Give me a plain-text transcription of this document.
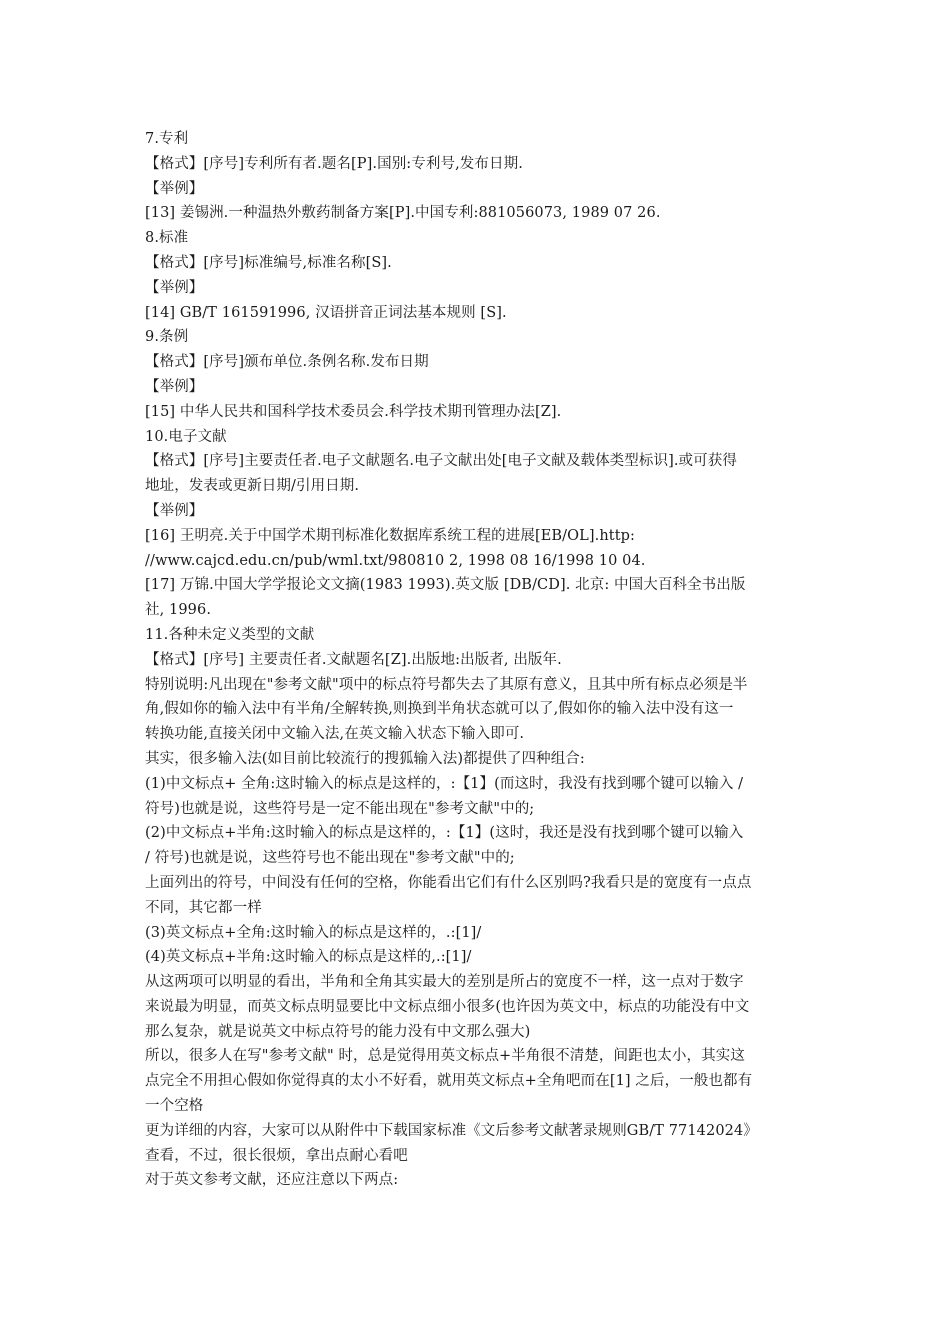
7.专利

【格式】[序号]专利所有者.题名[P].国别:专利号,发布日期.

【举例】

[13] 姜锡洲.一种温热外敷药制备方案[P].中国专利:881056073, 1989 07 26.

8.标准

【格式】[序号]标准编号,标准名称[S].

【举例】

[14] GB/T 161591996, 汉语拼音正词法基本规则 [S].

9.条例

【格式】[序号]颁布单位.条例名称.发布日期

【举例】

[15] 中华人民共和国科学技术委员会.科学技术期刊管理办法[Z].

10.电子文献

【格式】[序号]主要责任者.电子文献题名.电子文献出处[电子文献及载体类型标识].或可获得

地址，发表或更新日期/引用日期.

【举例】

[16] 王明亮.关于中国学术期刊标准化数据库系统工程的进展[EB/OL].http:

//www.cajcd.edu.cn/pub/wml.txt/980810 2, 1998 08 16/1998 10 04.

[17] 万锦.中国大学学报论文文摘(1983 1993).英文版 [DB/CD]. 北京: 中国大百科全书出版

社, 1996.

11.各种未定义类型的文献

【格式】[序号] 主要责任者.文献题名[Z].出版地:出版者, 出版年.

特别说明:凡出现在"参考文献"项中的标点符号都失去了其原有意义，且其中所有标点必须是半

角,假如你的输入法中有半角/全解转换,则换到半角状态就可以了,假如你的输入法中没有这一

转换功能,直接关闭中文输入法,在英文输入状态下输入即可.

其实，很多输入法(如目前比较流行的搜狐输入法)都提供了四种组合:

(1)中文标点+ 全角:这时输入的标点是这样的，:【1】(而这时，我没有找到哪个键可以输入 /

符号)也就是说，这些符号是一定不能出现在"参考文献"中的;

(2)中文标点+半角:这时输入的标点是这样的，:【1】(这时，我还是没有找到哪个键可以输入

/ 符号)也就是说，这些符号也不能出现在"参考文献"中的;

上面列出的符号，中间没有任何的空格，你能看出它们有什么区别吗?我看只是的宽度有一点点

不同，其它都一样

(3)英文标点+全角:这时输入的标点是这样的，.:[1]/

(4)英文标点+半角:这时输入的标点是这样的,.:[1]/

从这两项可以明显的看出，半角和全角其实最大的差别是所占的宽度不一样，这一点对于数字

来说最为明显，而英文标点明显要比中文标点细小很多(也许因为英文中，标点的功能没有中文

那么复杂，就是说英文中标点符号的能力没有中文那么强大)

所以，很多人在写"参考文献" 时，总是觉得用英文标点+半角很不清楚，间距也太小，其实这

点完全不用担心假如你觉得真的太小不好看，就用英文标点+全角吧而在[1] 之后，一般也都有

一个空格

更为详细的内容，大家可以从附件中下载国家标准《文后参考文献著录规则GB/T 77142024》

查看，不过，很长很烦，拿出点耐心看吧

对于英文参考文献，还应注意以下两点:
